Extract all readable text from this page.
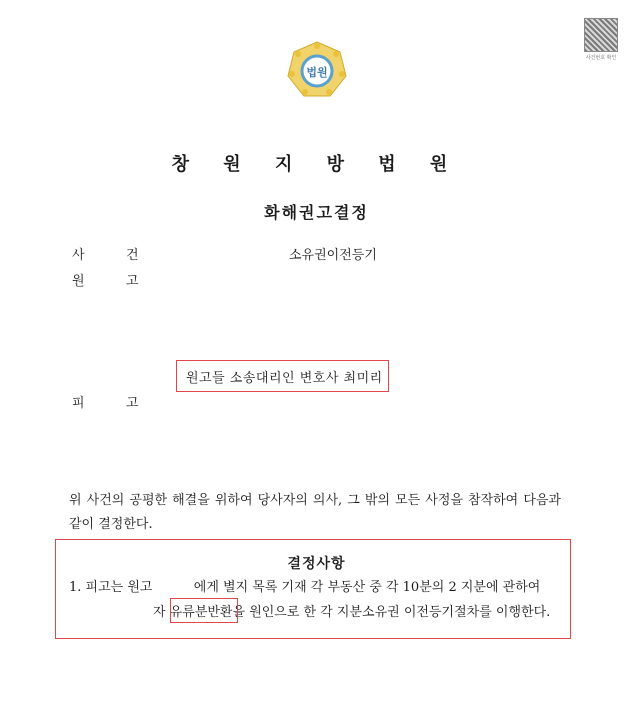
법원
사건번호 확인
창 원 지 방 법 원
화해권고결정
사	건	소유권이전등기
원	고
원고들 소송대리인 변호사 최미리
피	고
위 사건의 공평한 해결을 위하여 당사자의 의사, 그 밖의 모든 사정을 참작하여 다음과 같이 결정한다.
결정사항
1. 피고는 원고          에게 별지 목록 기재 각 부동산 중 각 10분의 2 지분에 관하여
자 유류분반환을 원인으로 한 각 지분소유권 이전등기절차를 이행한다.
